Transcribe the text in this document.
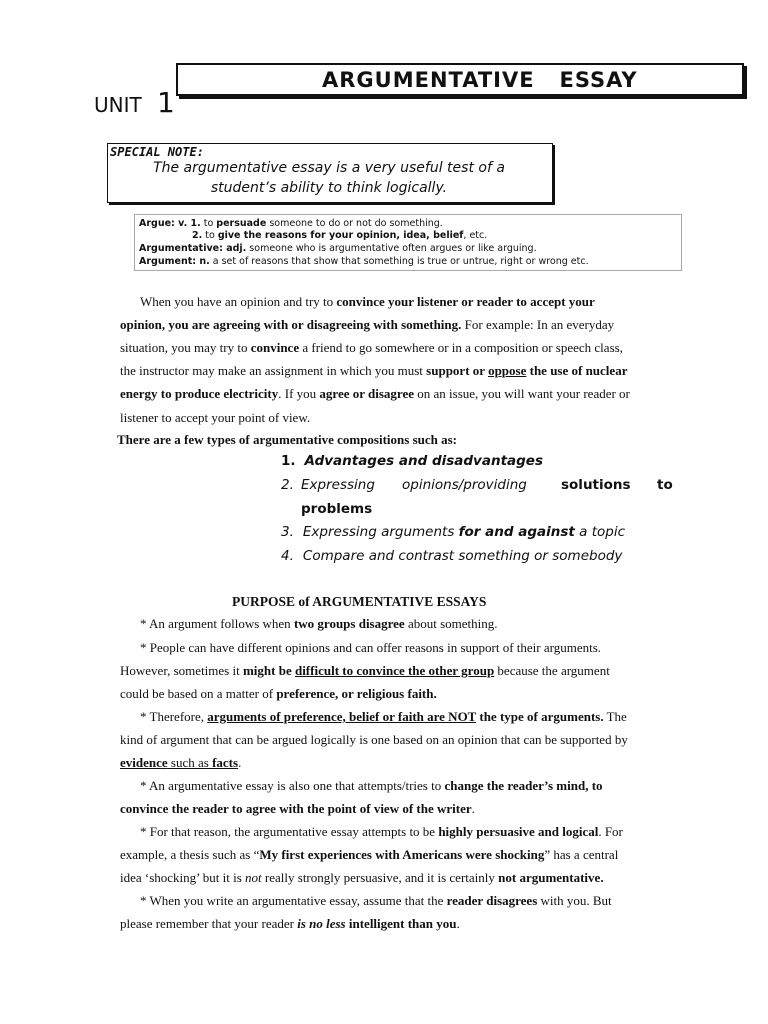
ARGUMENTATIVE   ESSAY
UNIT 1
SPECIAL NOTE:
The argumentative essay is a very useful test of a
student’s ability to think logically.
Argue: v. 1. to persuade someone to do or not do something.
2. to give the reasons for your opinion, idea, belief, etc.
Argumentative: adj. someone who is argumentative often argues or like arguing.
Argument: n. a set of reasons that show that something is true or untrue, right or wrong etc.
When you have an opinion and try to convince your listener or reader to accept your
opinion, you are agreeing with or disagreeing with something. For example: In an everyday
situation, you may try to convince a friend to go somewhere or in a composition or speech class,
the instructor may make an assignment in which you must support or oppose the use of nuclear
energy to produce electricity. If you agree or disagree on an issue, you will want your reader or
listener to accept your point of view.
There are a few types of argumentative compositions such as:
1. Advantages and disadvantages
2. Expressing opinions/providing	solutions to
problems
3. Expressing arguments for and against a topic
4. Compare and contrast something or somebody
PURPOSE of ARGUMENTATIVE ESSAYS
* An argument follows when two groups disagree about something.
* People can have different opinions and can offer reasons in support of their arguments.
However, sometimes it might be difficult to convince the other group because the argument
could be based on a matter of preference, or religious faith.
* Therefore, arguments of preference, belief or faith are NOT the type of arguments. The
kind of argument that can be argued logically is one based on an opinion that can be supported by
evidence such as facts.
* An argumentative essay is also one that attempts/tries to change the reader’s mind, to
convince the reader to agree with the point of view of the writer.
* For that reason, the argumentative essay attempts to be highly persuasive and logical. For
example, a thesis such as “My first experiences with Americans were shocking” has a central
idea ‘shocking’ but it is not really strongly persuasive, and it is certainly not argumentative.
* When you write an argumentative essay, assume that the reader disagrees with you. But
please remember that your reader is no less intelligent than you.
